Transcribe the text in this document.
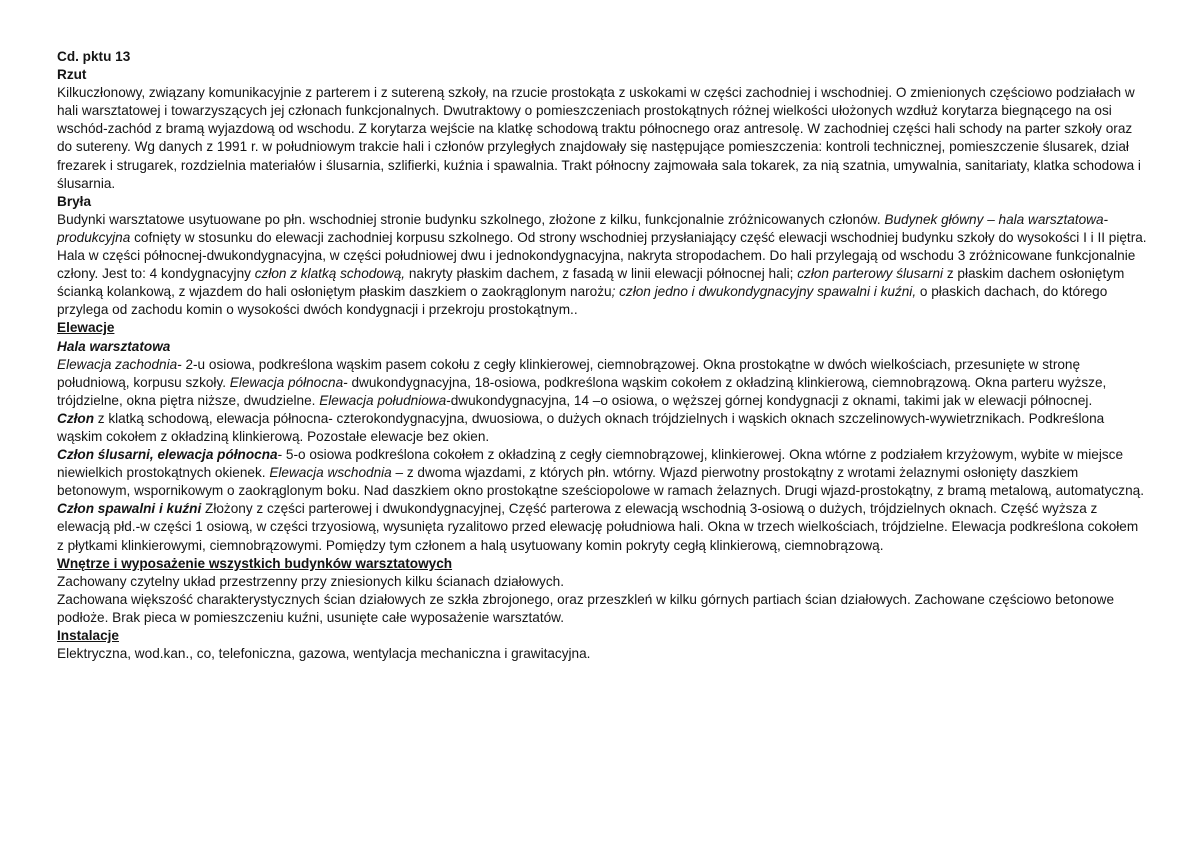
Cd. pktu 13

Rzut

Kilkuczłonowy, związany komunikacyjnie z parterem i z sutereną szkoły, na rzucie prostokąta z uskokami w części zachodniej i wschodniej. O zmienionych częściowo podziałach w hali warsztatowej i towarzyszących jej członach funkcjonalnych. Dwutraktowy o pomieszczeniach prostokątnych różnej wielkości ułożonych wzdłuż korytarza biegnącego na osi wschód-zachód z bramą wyjazdową od wschodu. Z korytarza wejście na klatkę schodową traktu północnego oraz antresolę. W zachodniej części hali schody na parter szkoły oraz do sutereny. Wg danych z 1991 r. w południowym trakcie hali i członów przyległych znajdowały się następujące pomieszczenia: kontroli technicznej, pomieszczenie ślusarek, dział frezarek i strugarek, rozdzielnia materiałów i ślusarnia, szlifierki, kuźnia i spawalnia. Trakt północny zajmowała sala tokarek, za nią szatnia, umywalnia, sanitariaty, klatka schodowa i ślusarnia.

Bryła

Budynki warsztatowe usytuowane po płn. wschodniej stronie budynku szkolnego, złożone z kilku, funkcjonalnie zróżnicowanych członów. Budynek główny – hala warsztatowa-produkcyjna cofnięty w stosunku do elewacji zachodniej korpusu szkolnego. Od strony wschodniej przysłaniający część elewacji wschodniej budynku szkoły do wysokości I i II piętra. Hala w części północnej-dwukondygnacyjna, w części południowej dwu i jednokondygnacyjna, nakryta stropodachem. Do hali przylegają od wschodu 3 zróżnicowane funkcjonalnie człony. Jest to: 4 kondygnacyjny człon z klatką schodową, nakryty płaskim dachem, z fasadą w linii elewacji północnej hali; człon parterowy ślusarni z płaskim dachem osłoniętym ścianką kolankową, z wjazdem do hali osłoniętym płaskim daszkiem o zaokrąglonym narożu; człon jedno i dwukondygnacyjny spawalni i kuźni, o płaskich dachach, do którego przylega od zachodu komin o wysokości dwóch kondygnacji i przekroju prostokątnym..

Elewacje

Hala warsztatowa

Elewacja zachodnia- 2-u osiowa, podkreślona wąskim pasem cokołu z cegły klinkierowej, ciemnobrązowej. Okna prostokątne w dwóch wielkościach, przesunięte w stronę południową, korpusu szkoły. Elewacja północna- dwukondygnacyjna, 18-osiowa, podkreślona wąskim cokołem z okładziną klinkierową, ciemnobrązową. Okna parteru wyższe, trójdzielne, okna piętra niższe, dwudzielne. Elewacja południowa-dwukondygnacyjna, 14 –o osiowa, o węższej górnej kondygnacji z oknami, takimi jak w elewacji północnej.

Człon z klatką schodową, elewacja północna- czterokondygnacyjna, dwuosiowa, o dużych oknach trójdzielnych i wąskich oknach szczelinowych-wywietrznikach. Podkreślona wąskim cokołem z okładziną klinkierową. Pozostałe elewacje bez okien.

Człon ślusarni, elewacja północna- 5-o osiowa podkreślona cokołem z okładziną z cegły ciemnobrązowej, klinkierowej. Okna wtórne z podziałem krzyżowym, wybite w miejsce niewielkich prostokątnych okienek. Elewacja wschodnia – z dwoma wjazdami, z których płn. wtórny. Wjazd pierwotny prostokątny z wrotami żelaznymi osłonięty daszkiem betonowym, wspornikowym o zaokrąglonym boku. Nad daszkiem okno prostokątne sześciopolowe w ramach żelaznych. Drugi wjazd-prostokątny, z bramą metalową, automatyczną.

Człon spawalni i kuźni Złożony z części parterowej i dwukondygnacyjnej, Część parterowa z elewacją wschodnią 3-osiową o dużych, trójdzielnych oknach. Część wyższa z elewacją płd.-w części 1 osiową, w części trzyosiową, wysunięta ryzalitowo przed elewację południowa hali. Okna w trzech wielkościach, trójdzielne. Elewacja podkreślona cokołem z płytkami klinkierowymi, ciemnobrązowymi. Pomiędzy tym członem a halą usytuowany komin pokryty cegłą klinkierową, ciemnobrązową.

Wnętrze i wyposażenie wszystkich budynków warsztatowych

Zachowany czytelny układ przestrzenny przy zniesionych kilku ścianach działowych.

Zachowana większość charakterystycznych ścian działowych ze szkła zbrojonego, oraz przeszkleń w kilku górnych partiach ścian działowych. Zachowane częściowo betonowe podłoże. Brak pieca w pomieszczeniu kuźni, usunięte całe wyposażenie warsztatów.

Instalacje

Elektryczna, wod.kan., co, telefoniczna, gazowa, wentylacja mechaniczna i grawitacyjna.
